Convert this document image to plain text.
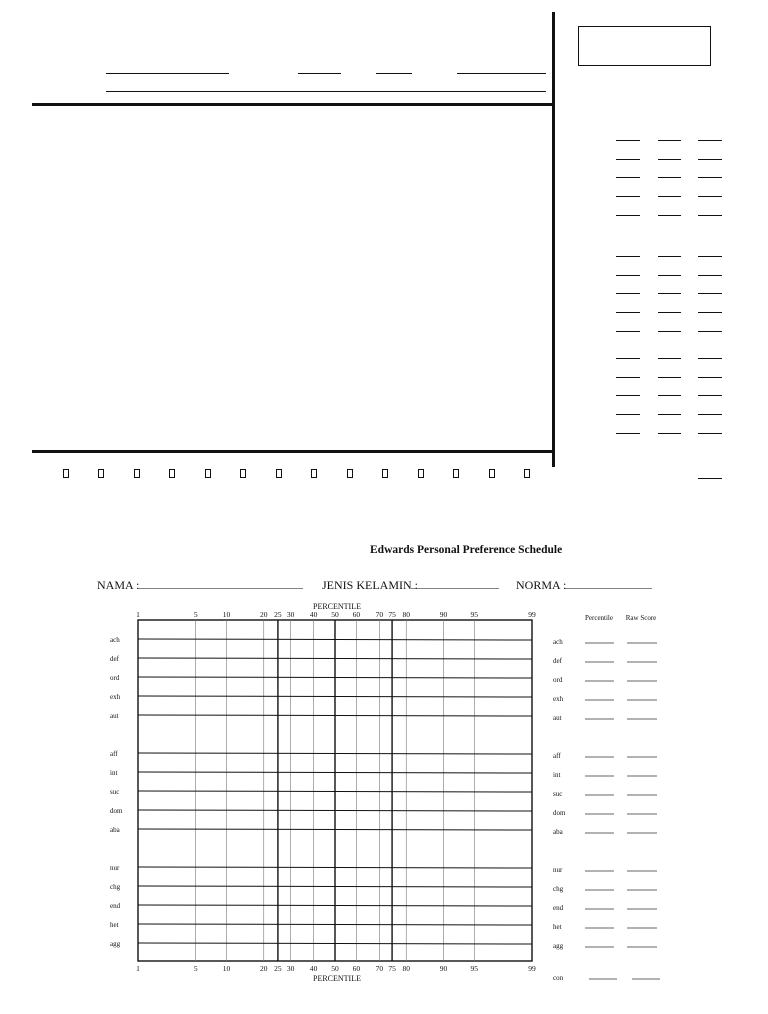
Edwards Personal Preference Schedule
NAMA :
______________________________ JENIS KELAMIN :
________________ NORMA :
________________
PERCENTILE
PERCENTILE
Percentile Raw Score
1
1
5
5
10
10
20
20
25
25
30
30
40
40
50
50
60
60
70
70
75
75
80
80
90
90
95
95
99
99
ach	ach
def	def
ord	ord
exh	exh
aut	aut
aff	aff
int	int
suc	suc
dom	dom
aba	aba
nur	nur
chg	chg
end	end
het	het
agg	agg
con
